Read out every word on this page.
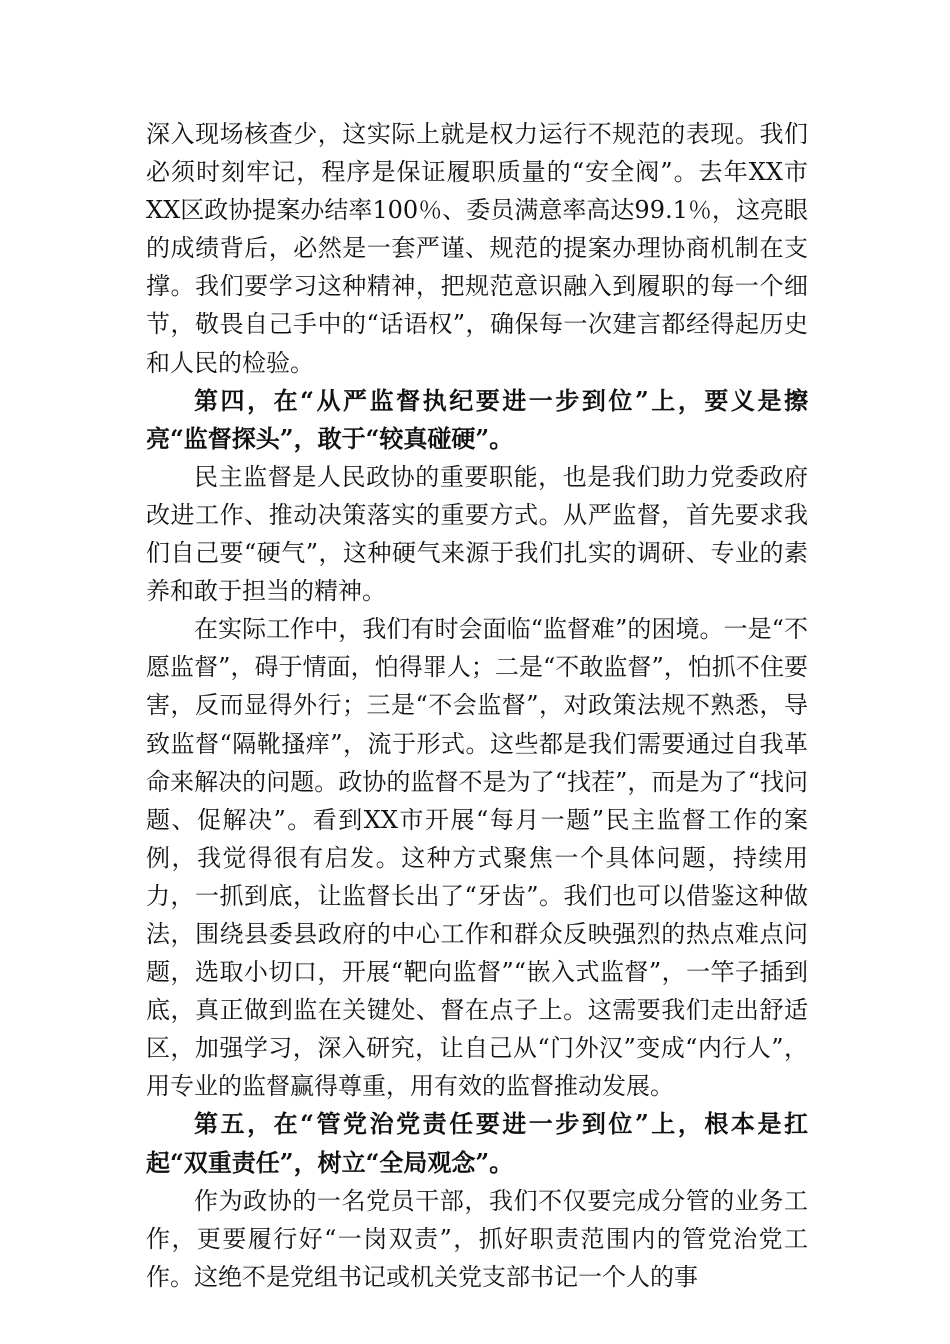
深入现场核查少，这实际上就是权力运行不规范的表现。我们必须时刻牢记，程序是保证履职质量的“安全阀”。去年XX市XX区政协提案办结率100％、委员满意率高达99.1％，这亮眼的成绩背后，必然是一套严谨、规范的提案办理协商机制在支撑。我们要学习这种精神，把规范意识融入到履职的每一个细节，敬畏自己手中的“话语权”，确保每一次建言都经得起历史和人民的检验。

第四，在“从严监督执纪要进一步到位”上，要义是擦亮“监督探头”，敢于“较真碰硬”。

民主监督是人民政协的重要职能，也是我们助力党委政府改进工作、推动决策落实的重要方式。从严监督，首先要求我们自己要“硬气”，这种硬气来源于我们扎实的调研、专业的素养和敢于担当的精神。

在实际工作中，我们有时会面临“监督难”的困境。一是“不愿监督”，碍于情面，怕得罪人；二是“不敢监督”，怕抓不住要害，反而显得外行；三是“不会监督”，对政策法规不熟悉，导致监督“隔靴搔痒”，流于形式。这些都是我们需要通过自我革命来解决的问题。政协的监督不是为了“找茬”，而是为了“找问题、促解决”。看到XX市开展“每月一题”民主监督工作的案例，我觉得很有启发。这种方式聚焦一个具体问题，持续用力，一抓到底，让监督长出了“牙齿”。我们也可以借鉴这种做法，围绕县委县政府的中心工作和群众反映强烈的热点难点问题，选取小切口，开展“靶向监督”“嵌入式监督”，一竿子插到底，真正做到监在关键处、督在点子上。这需要我们走出舒适区，加强学习，深入研究，让自己从“门外汉”变成“内行人”，用专业的监督赢得尊重，用有效的监督推动发展。

第五，在“管党治党责任要进一步到位”上，根本是扛起“双重责任”，树立“全局观念”。

作为政协的一名党员干部，我们不仅要完成分管的业务工作，更要履行好“一岗双责”，抓好职责范围内的管党治党工作。这绝不是党组书记或机关党支部书记一个人的事
